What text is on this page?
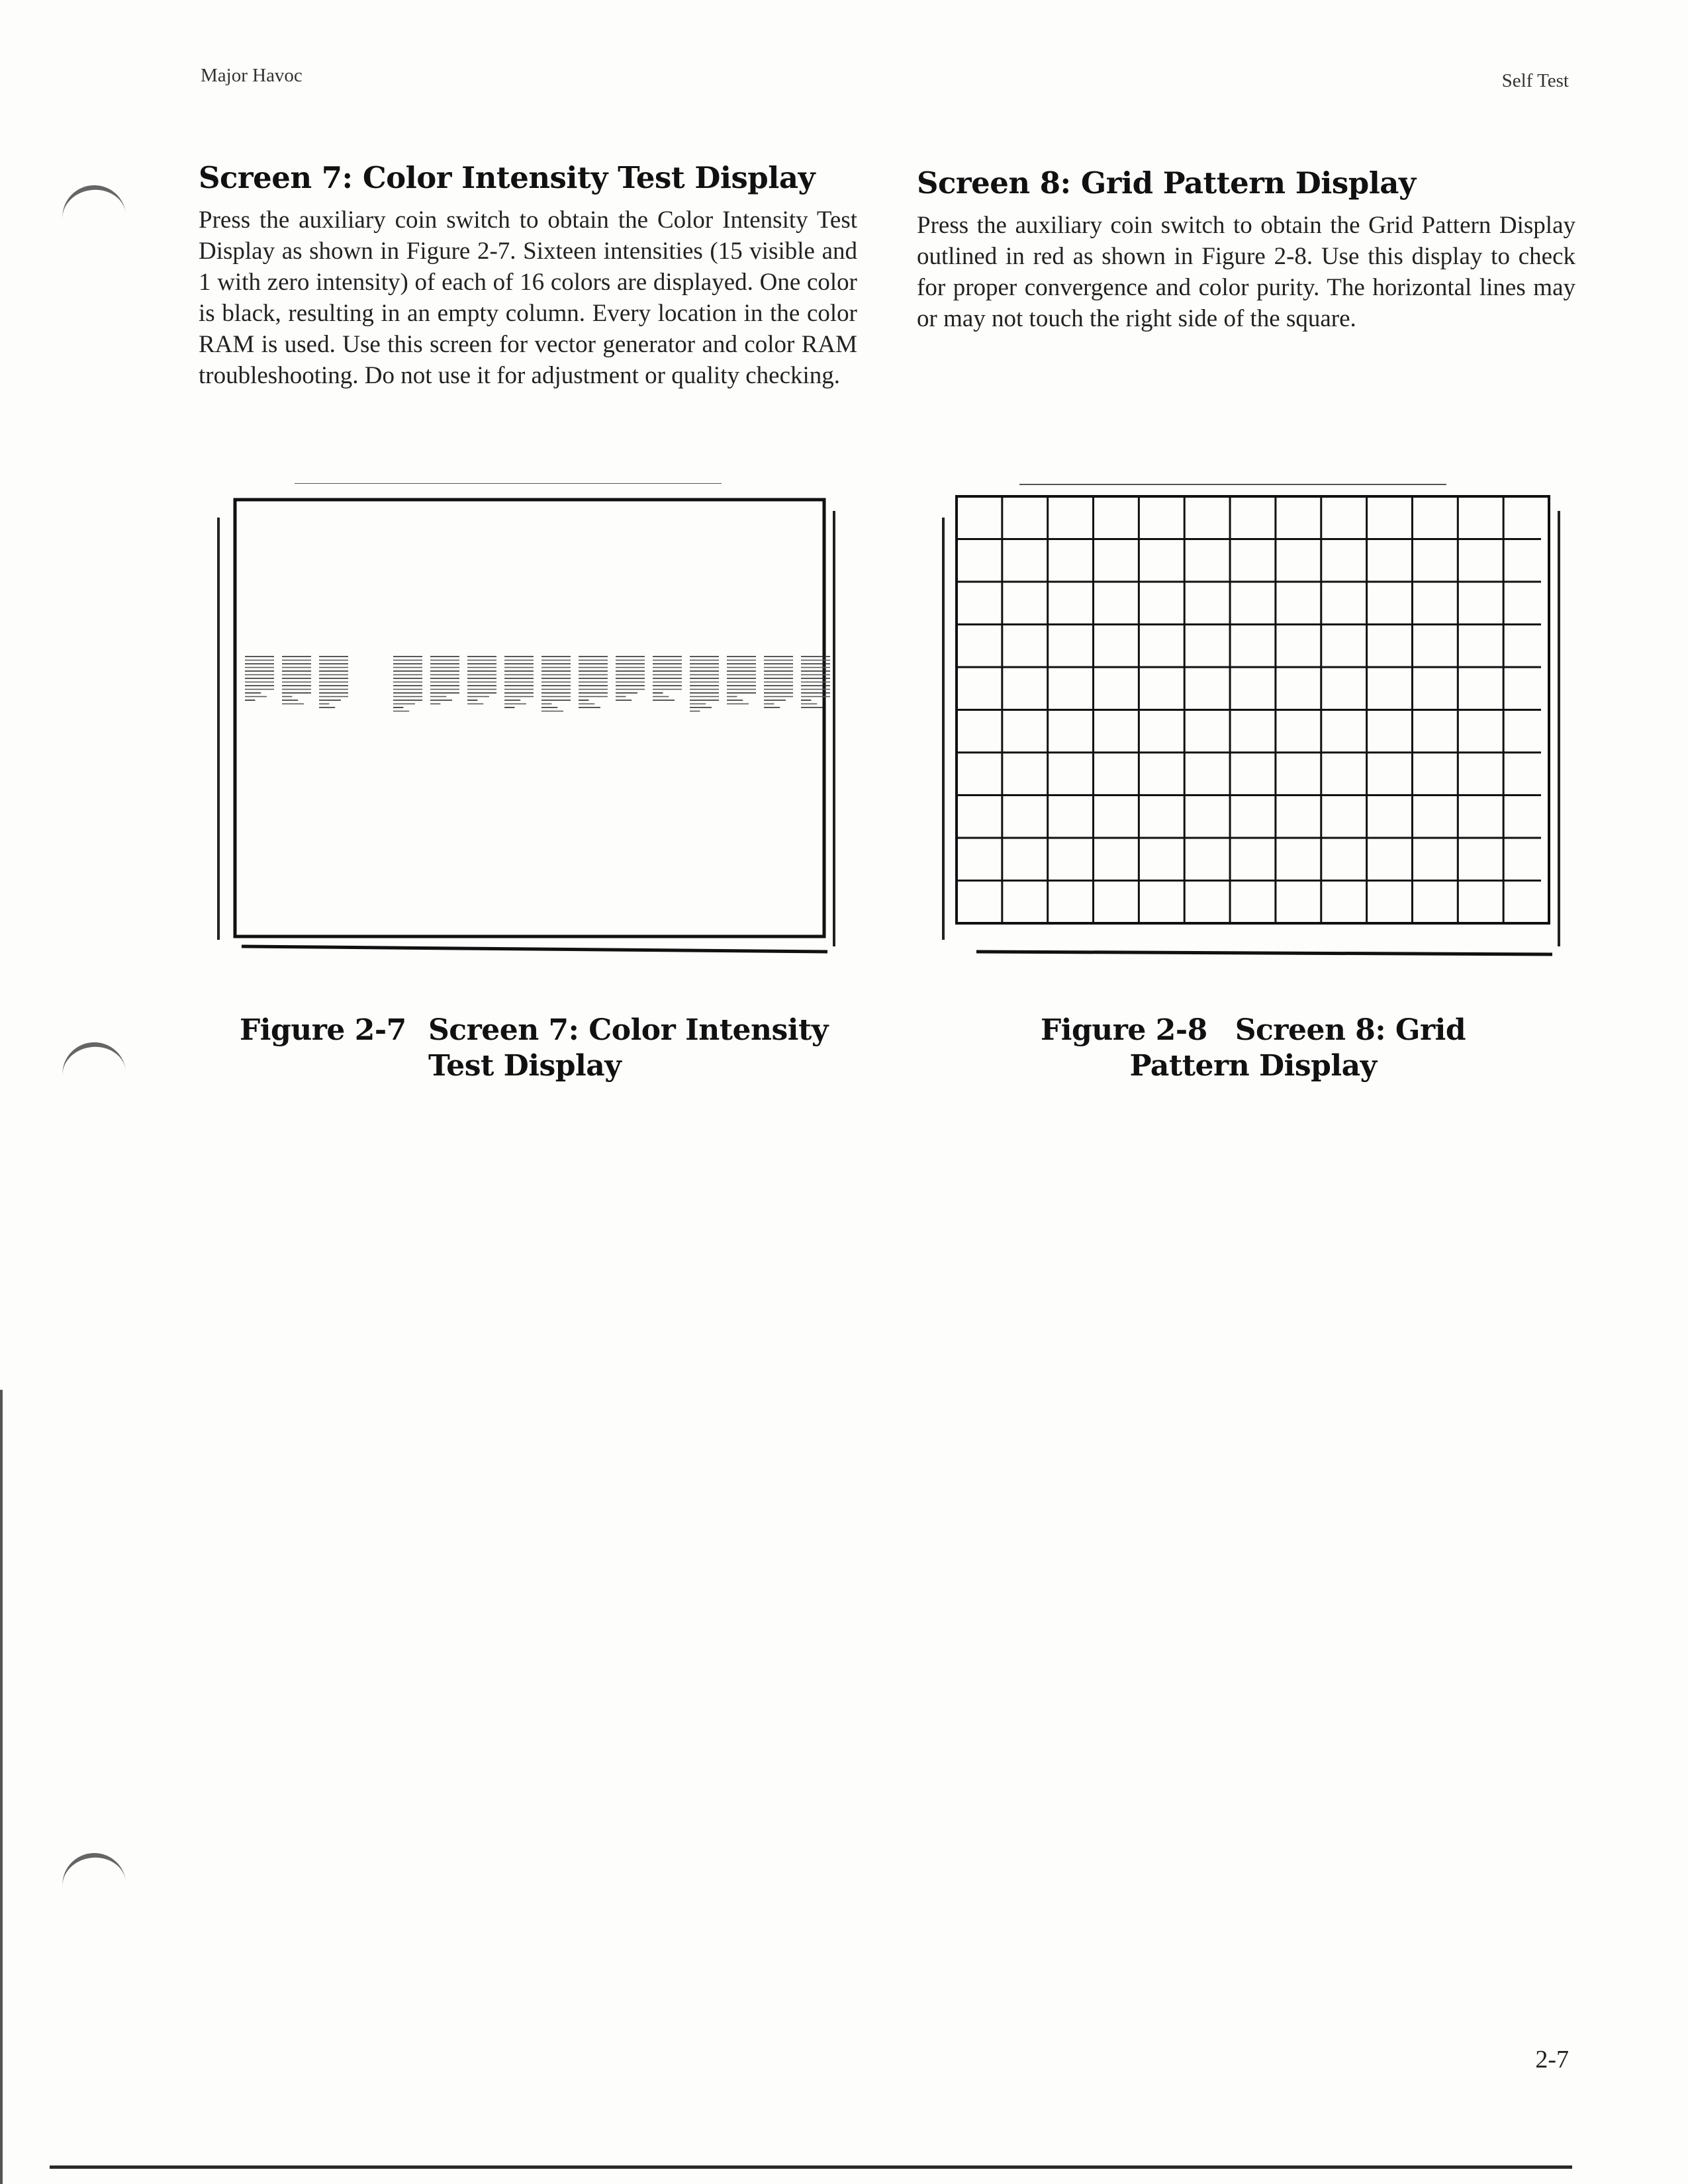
Major Havoc	Self Test
Screen 7: Color Intensity Test Display

Press the auxiliary coin switch to obtain the Color Intensity Test Display as shown in Figure 2-7. Sixteen intensities (15 visible and 1 with zero intensity) of each of 16 colors are displayed. One color is black, resulting in an empty column. Every location in the color RAM is used. Use this screen for vector generator and color RAM troubleshooting. Do not use it for adjustment or quality checking.

Screen 8: Grid Pattern Display

Press the auxiliary coin switch to obtain the Grid Pattern Display outlined in red as shown in Figure 2-8. Use this display to check for proper convergence and color purity. The horizontal lines may or may not touch the right side of the square.

Figure 2-7 Screen 7: Color Intensity
Test Display
Figure 2-8 Screen 8: Grid
Pattern Display
2-7
